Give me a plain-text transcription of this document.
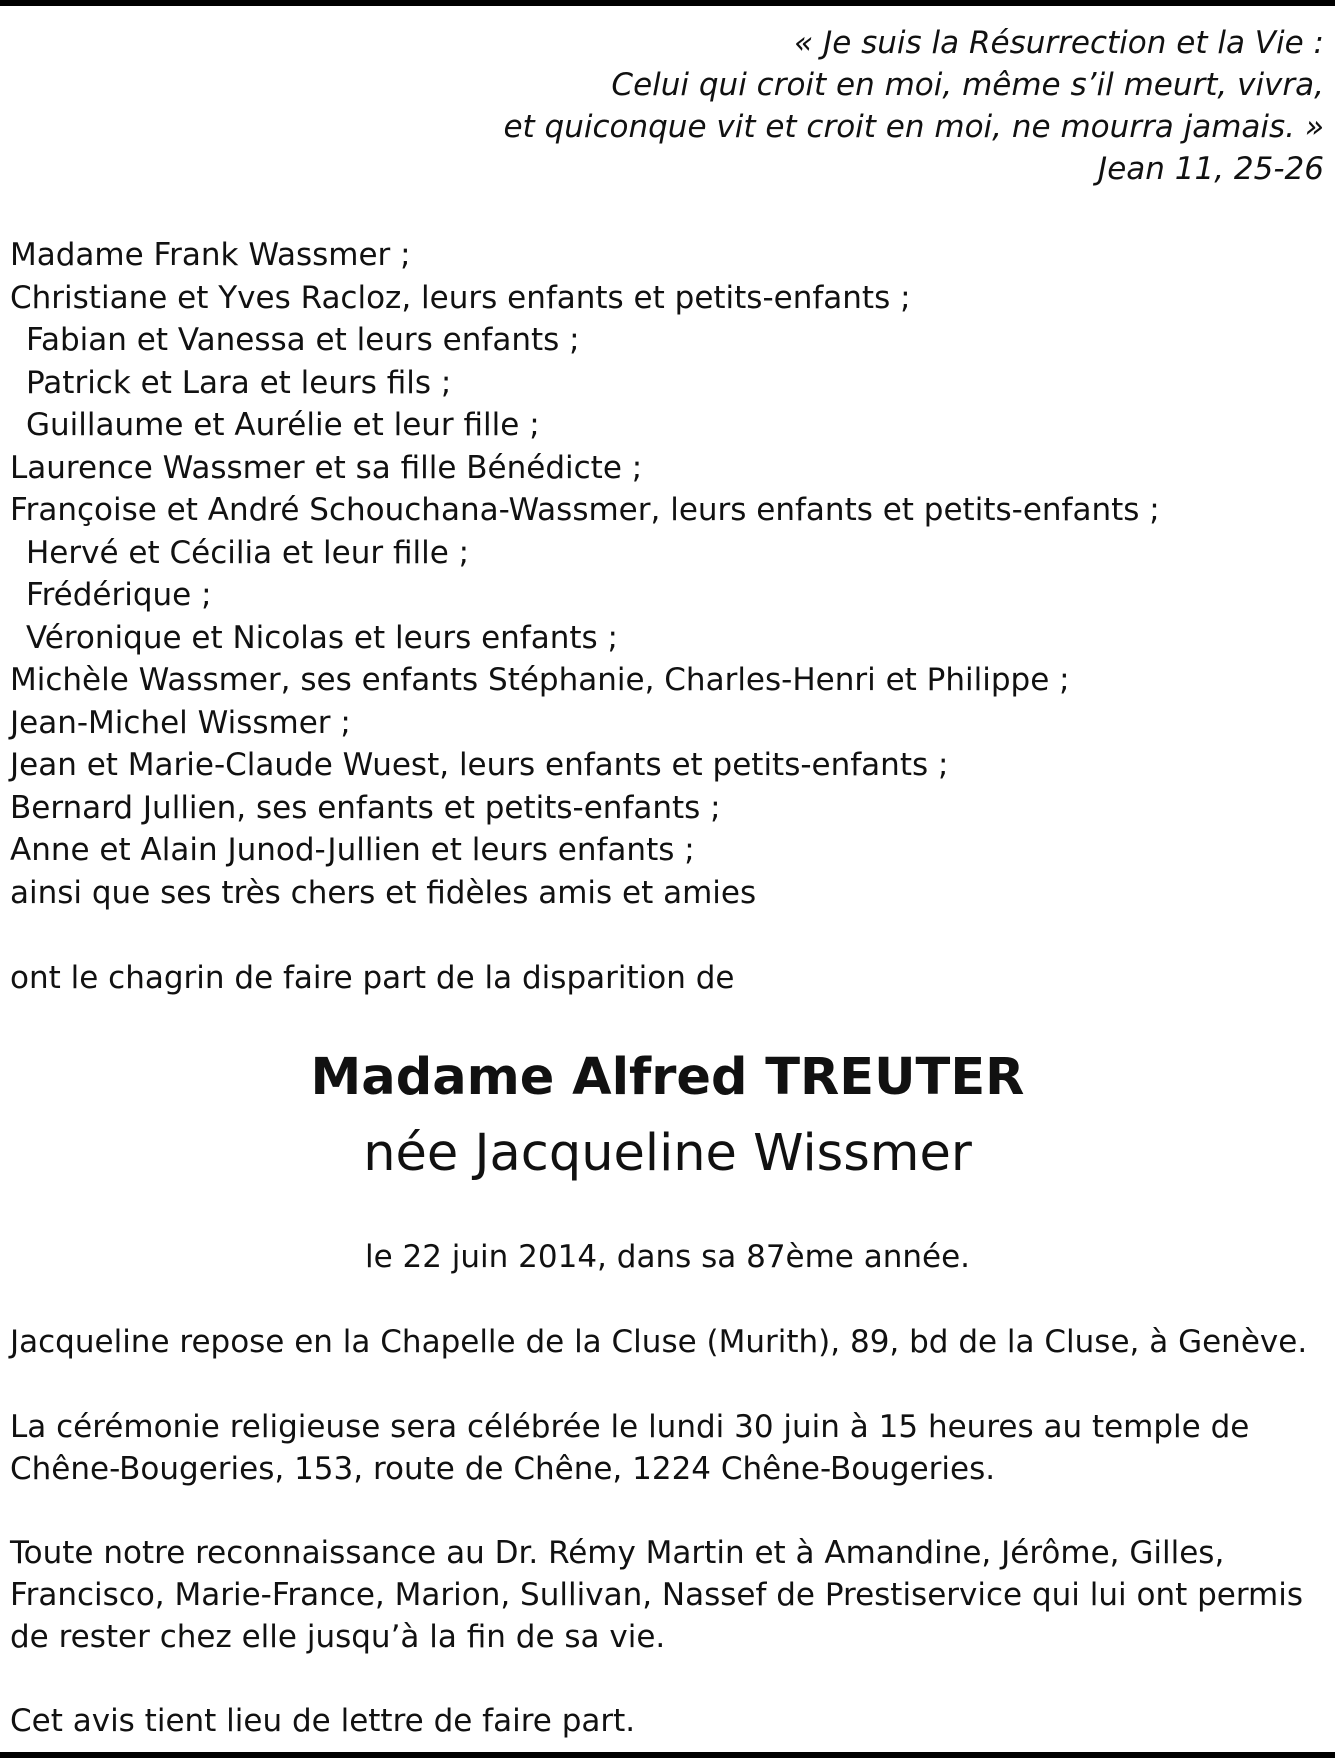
« Je suis la Résurrection et la Vie :
Celui qui croit en moi, même s’il meurt, vivra,
et quiconque vit et croit en moi, ne mourra jamais. »
Jean 11, 25-26
Madame Frank Wassmer ;
Christiane et Yves Racloz, leurs enfants et petits-enfants ;
Fabian et Vanessa et leurs enfants ;
Patrick et Lara et leurs fils ;
Guillaume et Aurélie et leur fille ;
Laurence Wassmer et sa fille Bénédicte ;
Françoise et André Schouchana-Wassmer, leurs enfants et petits-enfants ;
Hervé et Cécilia et leur fille ;
Frédérique ;
Véronique et Nicolas et leurs enfants ;
Michèle Wassmer, ses enfants Stéphanie, Charles-Henri et Philippe ;
Jean-Michel Wissmer ;
Jean et Marie-Claude Wuest, leurs enfants et petits-enfants ;
Bernard Jullien, ses enfants et petits-enfants ;
Anne et Alain Junod-Jullien et leurs enfants ;
ainsi que ses très chers et fidèles amis et amies
ont le chagrin de faire part de la disparition de
Madame Alfred TREUTER
née Jacqueline Wissmer
le 22 juin 2014, dans sa 87ème année.
Jacqueline repose en la Chapelle de la Cluse (Murith), 89, bd de la Cluse, à Genève.
La cérémonie religieuse sera célébrée le lundi 30 juin à 15 heures au temple de
Chêne-Bougeries, 153, route de Chêne, 1224 Chêne-Bougeries.
Toute notre reconnaissance au Dr. Rémy Martin et à Amandine, Jérôme, Gilles,
Francisco, Marie-France, Marion, Sullivan, Nassef de Prestiservice qui lui ont permis
de rester chez elle jusqu’à la fin de sa vie.
Cet avis tient lieu de lettre de faire part.
